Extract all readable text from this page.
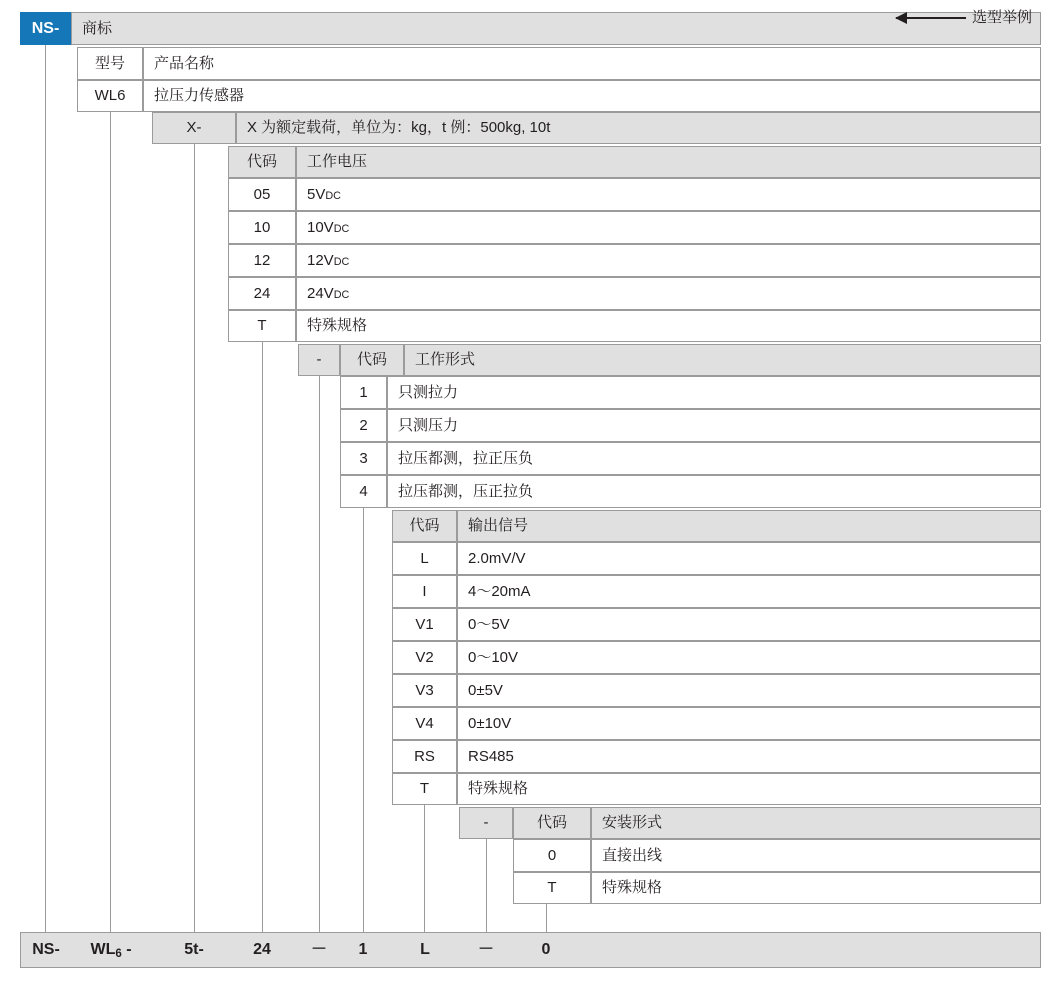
NS-	商标
型号	产品名称
WL6	拉压力传感器
X-	X 为额定载荷，单位为：kg，t 例：500kg, 10t
代码	工作电压
05	5V DC
10	10V DC
12	12V DC
24	24V DC
T	特殊规格
-	代码	工作形式
1	只测拉力
2	只测压力
3	拉压都测，拉正压负
4	拉压都测，压正拉负
代码	输出信号
L	2.0mV/V
I	4～20mA
V1	0～5V
V2	0～10V
V3	0±5V
V4	0±10V
RS	RS485
T	特殊规格
-	代码	安装形式
0	直接出线
T	特殊规格
NS-	$WL_6$ -	5t-	24	－	1	L	－	0
选型举例
